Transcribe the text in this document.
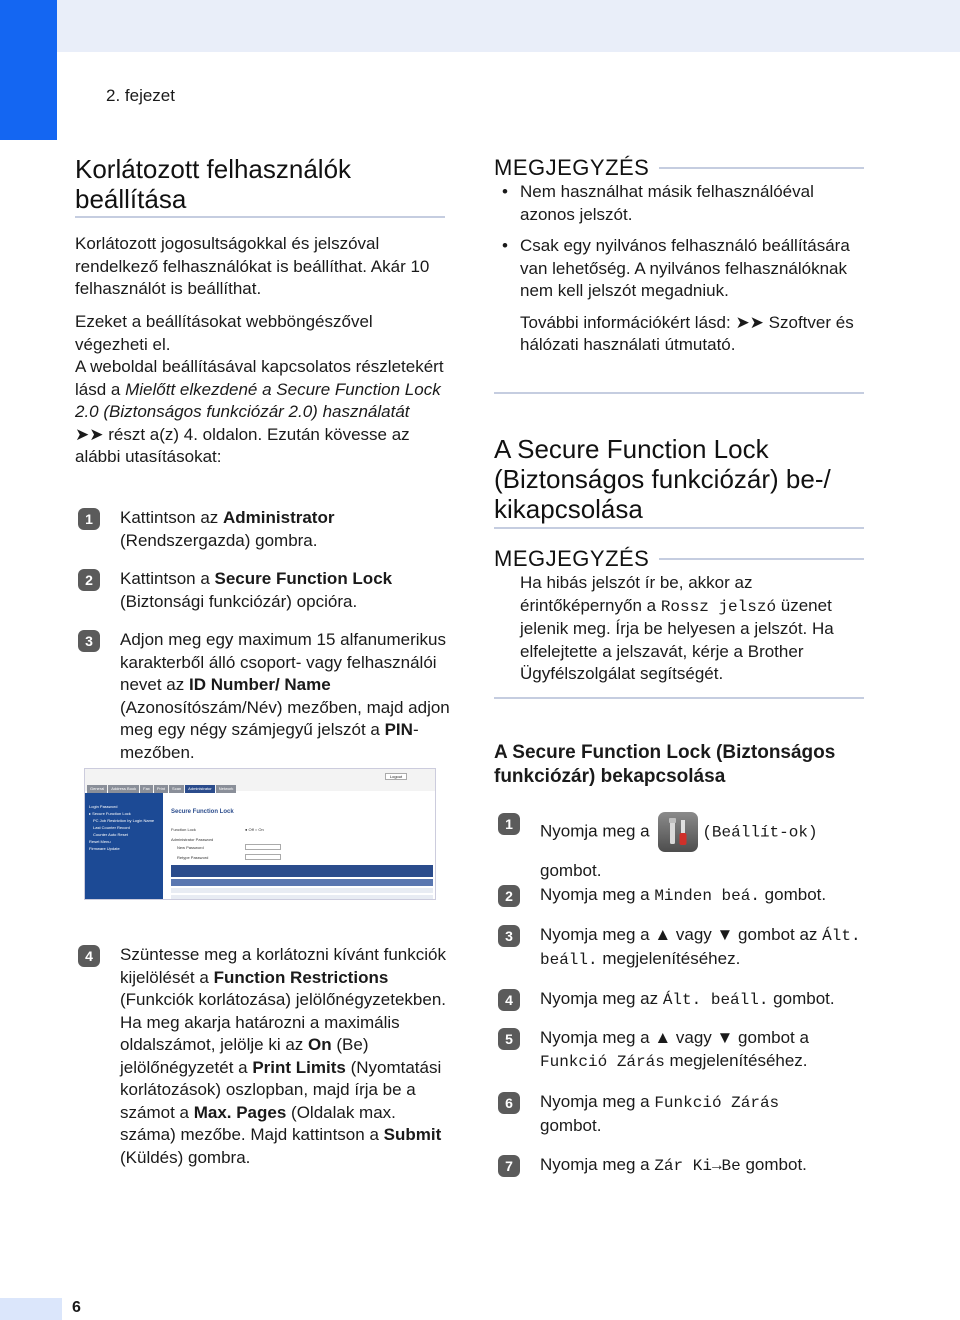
2. fejezet
6
Korlátozott felhasználók
beállítása

Korlátozott jogosultságokkal és jelszóval rendelkező felhasználókat is beállíthat. Akár 10 felhasználót is beállíthat.

Ezeket a beállításokat webböngészővel végezheti el.
A weboldal beállításával kapcsolatos részletekért lásd a Mielőtt elkezdené a Secure Function Lock 2.0 (Biztonságos funkciózár 2.0) használatát
➤➤ részt a(z) 4. oldalon. Ezután kövesse az alábbi utasításokat:

1	Kattintson az Administrator (Rendszergazda) gombra.
2	Kattintson a Secure Function Lock (Biztonsági funkciózár) opcióra.
3	Adjon meg egy maximum 15 alfanumerikus karakterből álló csoport- vagy felhasználói nevet az ID Number/ Name (Azonosítószám/Név) mezőben, majd adjon meg egy négy számjegyű jelszót a PIN-mezőben.
Logout
General	Address Book	Fax	Print	Scan	Administrator	Network
Login Password
▸ Secure Function Lock
PC Job Restriction by Login Name
Last Counter Record
Counter Auto Reset
Reset Menu
Firmware Update
Secure Function Lock
Function Lock	● Off ○ On
Administrator Password
New Password
Retype Password
4	Szüntesse meg a korlátozni kívánt funkciók kijelölését a Function Restrictions (Funkciók korlátozása) jelölőnégyzetekben. Ha meg akarja határozni a maximális oldalszámot, jelölje ki az On (Be) jelölőnégyzetét a Print Limits (Nyomtatási korlátozások) oszlopban, majd írja be a számot a Max. Pages (Oldalak max. száma) mezőbe. Majd kattintson a Submit (Küldés) gombra.
MEGJEGYZÉS
• Nem használhat másik felhasználóéval azonos jelszót.
• Csak egy nyilvános felhasználó beállítására van lehetőség. A nyilvános felhasználóknak nem kell jelszót megadniuk.
További információkért lásd: ➤➤ Szoftver és hálózati használati útmutató.
A Secure Function Lock (Biztonságos funkciózár) be-/ kikapcsolása
MEGJEGYZÉS

Ha hibás jelszót ír be, akkor az érintőképernyőn a Rossz jelszó üzenet jelenik meg. Írja be helyesen a jelszót. Ha elfelejtette a jelszavát, kérje a Brother Ügyfélszolgálat segítségét.

A Secure Function Lock (Biztonságos funkciózár) bekapcsolása
1	Nyomja meg a	(Beállít-ok)
gombot.
2	Nyomja meg a Minden beá. gombot.
3	Nyomja meg a ▲ vagy ▼ gombot az Ált. beáll. megjelenítéséhez.
4	Nyomja meg az Ált. beáll. gombot.
5	Nyomja meg a ▲ vagy ▼ gombot a Funkció Zárás megjelenítéséhez.
6	Nyomja meg a Funkció Zárás
gombot.
7	Nyomja meg a Zár Ki→Be gombot.
